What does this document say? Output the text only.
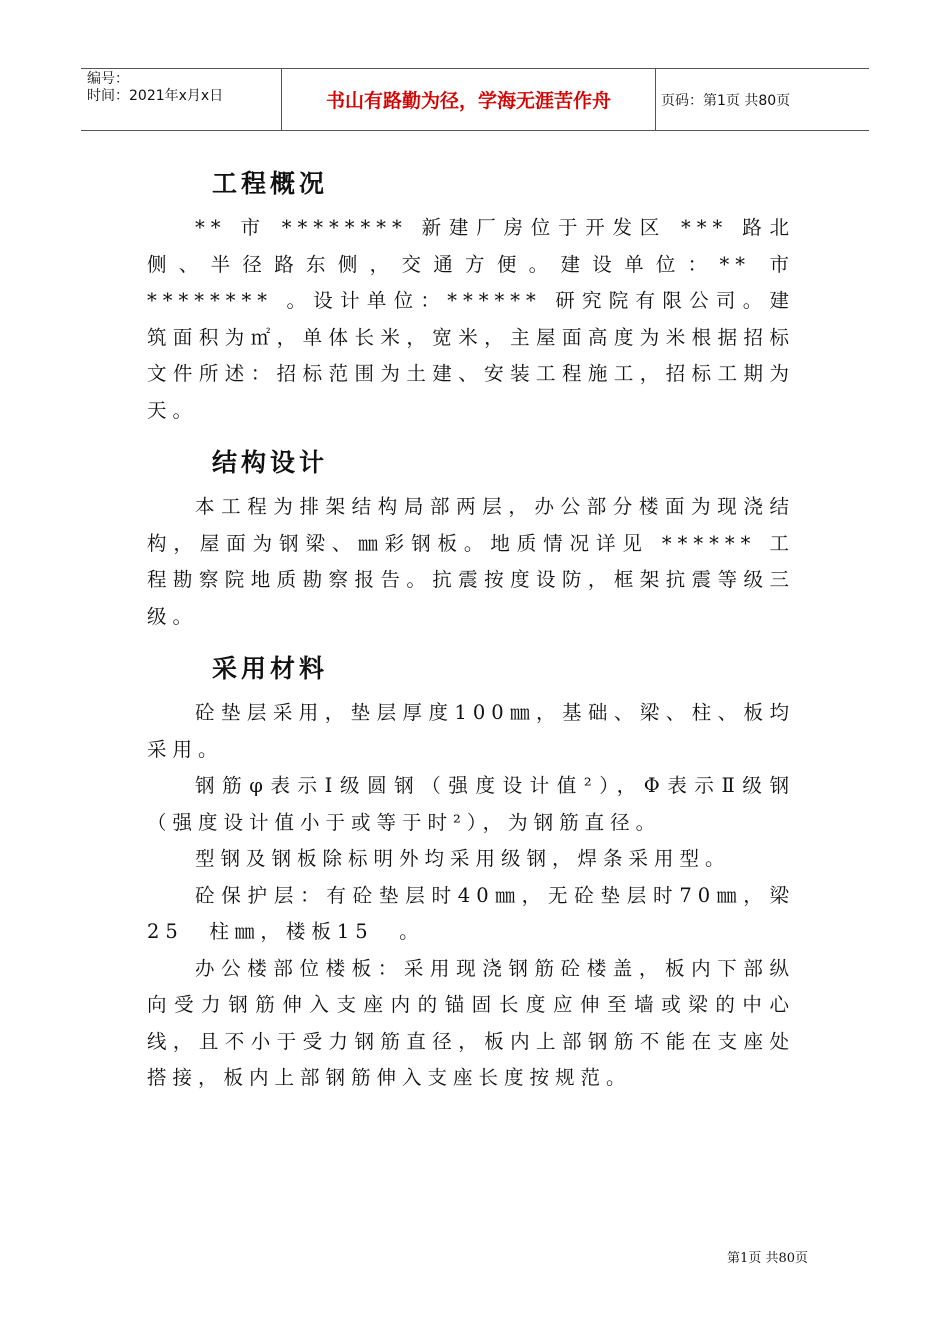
编号：
时间：2021年x月x日	书山有路勤为径，学海无涯苦作舟	页码：第1页 共80页
工程概况

** 市 ******** 新建厂房位于开发区 *** 路北侧、半径路东侧，交通方便。建设单位：** 市 ******** 。设计单位：****** 研究院有限公司。建筑面积为㎡，单体长米，宽米，主屋面高度为米根据招标文件所述：招标范围为土建、安装工程施工，招标工期为天。

结构设计

本工程为排架结构局部两层，办公部分楼面为现浇结构，屋面为钢梁、㎜彩钢板。地质情况详见 ****** 工程勘察院地质勘察报告。抗震按度设防，框架抗震等级三级。

采用材料

砼垫层采用，垫层厚度100㎜，基础、梁、柱、板均采用。

钢筋φ表示Ⅰ级圆钢（强度设计值²），Φ表示Ⅱ级钢（强度设计值小于或等于时²），为钢筋直径。

型钢及钢板除标明外均采用级钢，焊条采用型。

砼保护层：有砼垫层时40㎜，无砼垫层时70㎜，梁25　柱㎜，楼板15　。

办公楼部位楼板：采用现浇钢筋砼楼盖，板内下部纵向受力钢筋伸入支座内的锚固长度应伸至墙或梁的中心线，且不小于受力钢筋直径，板内上部钢筋不能在支座处搭接，板内上部钢筋伸入支座长度按规范。

第1页 共80页
